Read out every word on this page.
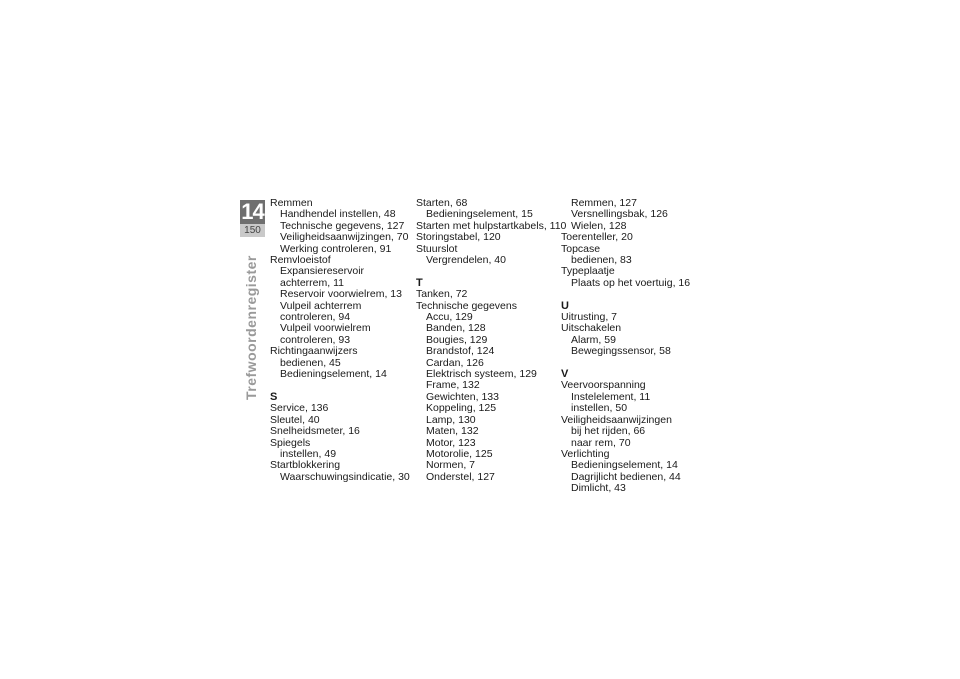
14
150
Trefwoordenregister
Remmen
Handhendel instellen, 48
Technische gegevens, 127
Veiligheidsaanwijzingen, 70
Werking controleren, 91
Remvloeistof
Expansiereservoir
achterrem, 11
Reservoir voorwielrem, 13
Vulpeil achterrem
controleren, 94
Vulpeil voorwielrem
controleren, 93
Richtingaanwijzers
bedienen, 45
Bedieningselement, 14
S
Service, 136
Sleutel, 40
Snelheidsmeter, 16
Spiegels
instellen, 49
Startblokkering
Waarschuwingsindicatie, 30
Starten, 68
Bedieningselement, 15
Starten met hulpstartkabels, 110
Storingstabel, 120
Stuurslot
Vergrendelen, 40
T
Tanken, 72
Technische gegevens
Accu, 129
Banden, 128
Bougies, 129
Brandstof, 124
Cardan, 126
Elektrisch systeem, 129
Frame, 132
Gewichten, 133
Koppeling, 125
Lamp, 130
Maten, 132
Motor, 123
Motorolie, 125
Normen, 7
Onderstel, 127
Remmen, 127
Versnellingsbak, 126
Wielen, 128
Toerenteller, 20
Topcase
bedienen, 83
Typeplaatje
Plaats op het voertuig, 16
U
Uitrusting, 7
Uitschakelen
Alarm, 59
Bewegingssensor, 58
V
Veervoorspanning
Instelelement, 11
instellen, 50
Veiligheidsaanwijzingen
bij het rijden, 66
naar rem, 70
Verlichting
Bedieningselement, 14
Dagrijlicht bedienen, 44
Dimlicht, 43
